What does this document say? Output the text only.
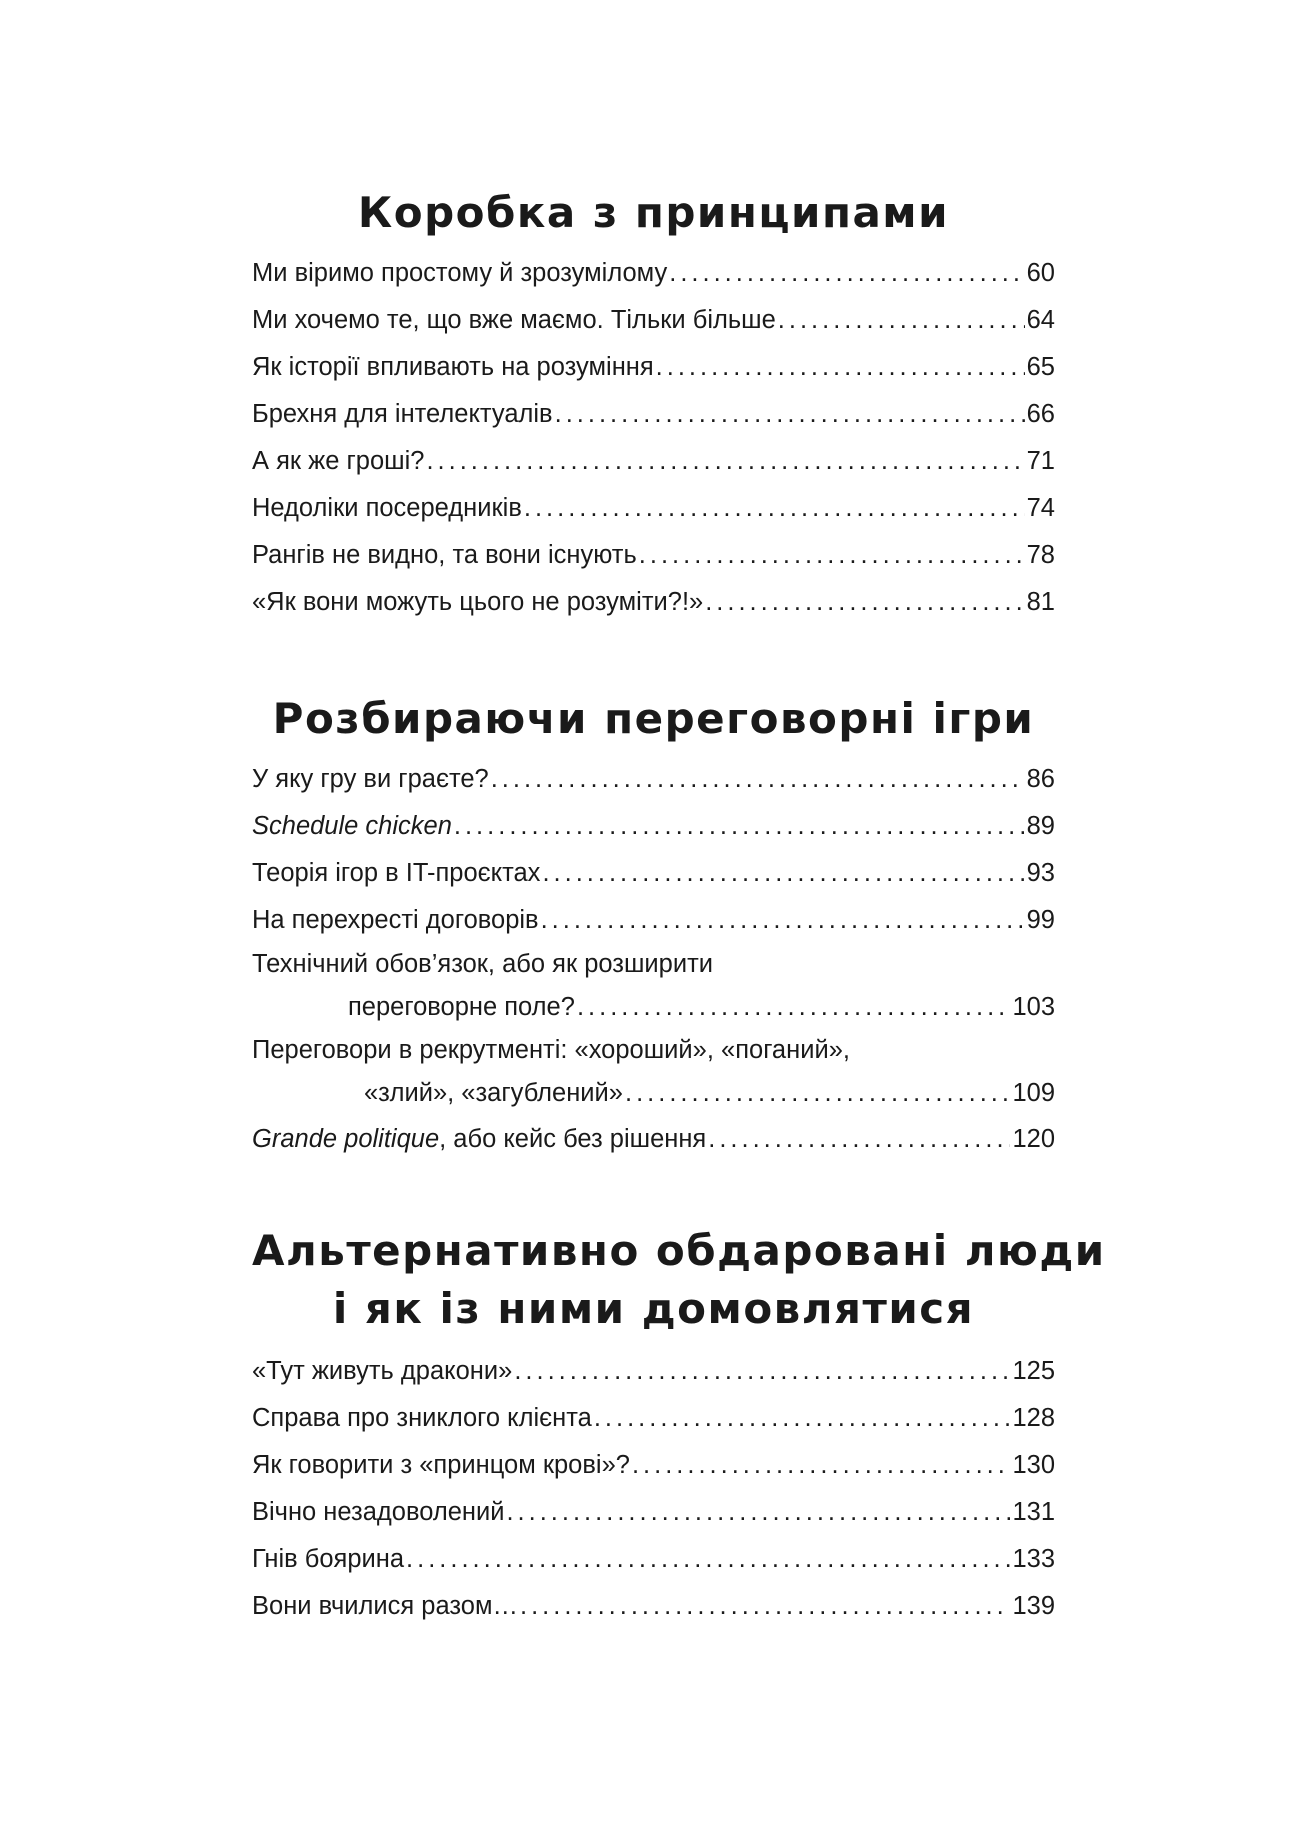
Коробка з принципами
Ми віримо простому й зрозумілому .....	60
Ми хочемо те, що вже маємо. Тільки більше .....	64
Як історії впливають на розуміння .....	65
Брехня для інтелектуалів .....	66
А як же гроші? .....	71
Недоліки посередників .....	74
Рангів не видно, та вони існують .....	78
«Як вони можуть цього не розуміти?!» .....	81
Розбираючи переговорні ігри
У яку гру ви граєте? .....	86
Schedule chicken .....	89
Теорія ігор в IT-проєктах .....	93
На перехресті договорів .....	99
Технічний обов’язок, або як розширити
переговорне поле? .....	103
Переговори в рекрутменті: «хороший», «поганий»,
«злий», «загублений» .....	109
Grande politique, або кейс без рішення .....	120
Альтернативно обдаровані люди
і як із ними домовлятися
«Тут живуть дракони» .....	125
Справа про зниклого клієнта .....	128
Як говорити з «принцом крові»? .....	130
Вічно незадоволений .....	131
Гнів боярина .....	133
Вони вчилися разом… .....	139
